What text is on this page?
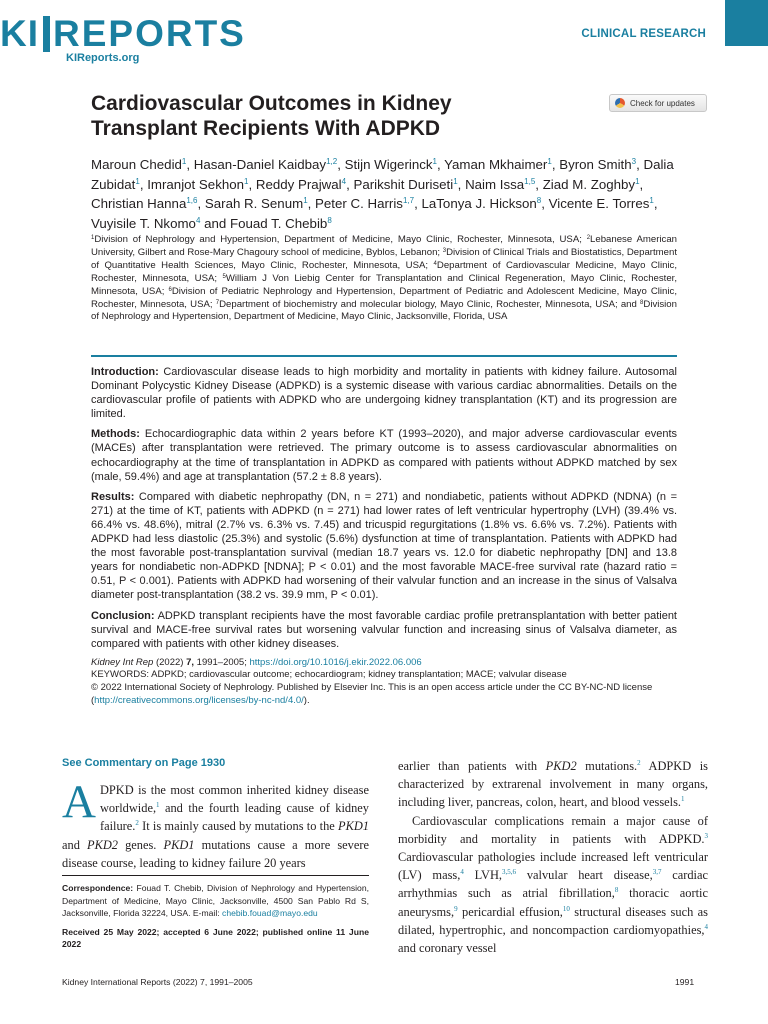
KI REPORTS
KIReports.org
CLINICAL RESEARCH
Cardiovascular Outcomes in Kidney Transplant Recipients With ADPKD
Check for updates
Maroun Chedid$^1$, Hasan-Daniel Kaidbay$^{1,2}$, Stijn Wigerinck$^1$, Yaman Mkhaimer$^1$, Byron Smith$^3$, Dalia Zubidat$^1$, Imranjot Sekhon$^1$, Reddy Prajwal$^4$, Parikshit Duriseti$^1$, Naim Issa$^{1,5}$, Ziad M. Zoghby$^1$, Christian Hanna$^{1,6}$, Sarah R. Senum$^1$, Peter C. Harris$^{1,7}$, LaTonya J. Hickson$^8$, Vicente E. Torres$^1$, Vuyisile T. Nkomo$^4$ and Fouad T. Chebib$^8$
$^1$Division of Nephrology and Hypertension, Department of Medicine, Mayo Clinic, Rochester, Minnesota, USA; $^2$Lebanese American University, Gilbert and Rose-Mary Chagoury school of medicine, Byblos, Lebanon; $^3$Division of Clinical Trials and Biostatistics, Department of Quantitative Health Sciences, Mayo Clinic, Rochester, Minnesota, USA; $^4$Department of Cardiovascular Medicine, Mayo Clinic, Rochester, Minnesota, USA; $^5$William J Von Liebig Center for Transplantation and Clinical Regeneration, Mayo Clinic, Rochester, Minnesota, USA; $^6$Division of Pediatric Nephrology and Hypertension, Department of Pediatric and Adolescent Medicine, Mayo Clinic, Rochester, Minnesota, USA; $^7$Department of biochemistry and molecular biology, Mayo Clinic, Rochester, Minnesota, USA; and $^8$Division of Nephrology and Hypertension, Department of Medicine, Mayo Clinic, Jacksonville, Florida, USA

Introduction: Cardiovascular disease leads to high morbidity and mortality in patients with kidney failure. Autosomal Dominant Polycystic Kidney Disease (ADPKD) is a systemic disease with various cardiac abnormalities. Details on the cardiovascular profile of patients with ADPKD who are undergoing kidney transplantation (KT) and its progression are limited.

Methods: Echocardiographic data within 2 years before KT (1993–2020), and major adverse cardiovascular events (MACEs) after transplantation were retrieved. The primary outcome is to assess cardiovascular abnormalities on echocardiography at the time of transplantation in ADPKD as compared with patients without ADPKD matched by sex (male, 59.4%) and age at transplantation (57.2 ± 8.8 years).

Results: Compared with diabetic nephropathy (DN, n = 271) and nondiabetic, patients without ADPKD (NDNA) (n = 271) at the time of KT, patients with ADPKD (n = 271) had lower rates of left ventricular hypertrophy (LVH) (39.4% vs. 66.4% vs. 48.6%), mitral (2.7% vs. 6.3% vs. 7.45) and tricuspid regurgitations (1.8% vs. 6.6% vs. 7.2%). Patients with ADPKD had less diastolic (25.3%) and systolic (5.6%) dysfunction at time of transplantation. Patients with ADPKD had the most favorable post-transplantation survival (median 18.7 years vs. 12.0 for diabetic nephropathy [DN] and 13.8 years for nondiabetic non-ADPKD [NDNA]; P < 0.01) and the most favorable MACE-free survival rate (hazard ratio = 0.51, P < 0.001). Patients with ADPKD had worsening of their valvular function and an increase in the sinus of Valsalva diameter post-transplantation (38.2 vs. 39.9 mm, P < 0.01).

Conclusion: ADPKD transplant recipients have the most favorable cardiac profile pretransplantation with better patient survival and MACE-free survival rates but worsening valvular function and increasing sinus of Valsalva diameter, as compared with patients with other kidney diseases.

Kidney Int Rep (2022) 7, 1991–2005; https://doi.org/10.1016/j.ekir.2022.06.006

KEYWORDS: ADPKD; cardiovascular outcome; echocardiogram; kidney transplantation; MACE; valvular disease

© 2022 International Society of Nephrology. Published by Elsevier Inc. This is an open access article under the CC BY-NC-ND license (http://creativecommons.org/licenses/by-nc-nd/4.0/).

See Commentary on Page 1930

ADPKD is the most common inherited kidney disease worldwide,$^1$ and the fourth leading cause of kidney failure.$^2$ It is mainly caused by mutations to the PKD1 and PKD2 genes. PKD1 mutations cause a more severe disease course, leading to kidney failure 20 years

Correspondence: Fouad T. Chebib, Division of Nephrology and Hypertension, Department of Medicine, Mayo Clinic, Jacksonville, 4500 San Pablo Rd S, Jacksonville, Florida 32224, USA. E-mail: chebib.fouad@mayo.edu

Received 25 May 2022; accepted 6 June 2022; published online 11 June 2022

earlier than patients with PKD2 mutations.$^2$ ADPKD is characterized by extrarenal involvement in many organs, including liver, pancreas, colon, heart, and blood vessels.$^1$

Cardiovascular complications remain a major cause of morbidity and mortality in patients with ADPKD.$^3$ Cardiovascular pathologies include increased left ventricular (LV) mass,$^4$ LVH,$^{3,5,6}$ valvular heart disease,$^{3,7}$ cardiac arrhythmias such as atrial fibrillation,$^8$ thoracic aortic aneurysms,$^9$ pericardial effusion,$^{10}$ structural diseases such as dilated, hypertrophic, and noncompaction cardiomyopathies,$^4$ and coronary vessel

Kidney International Reports (2022) 7, 1991–2005	1991
